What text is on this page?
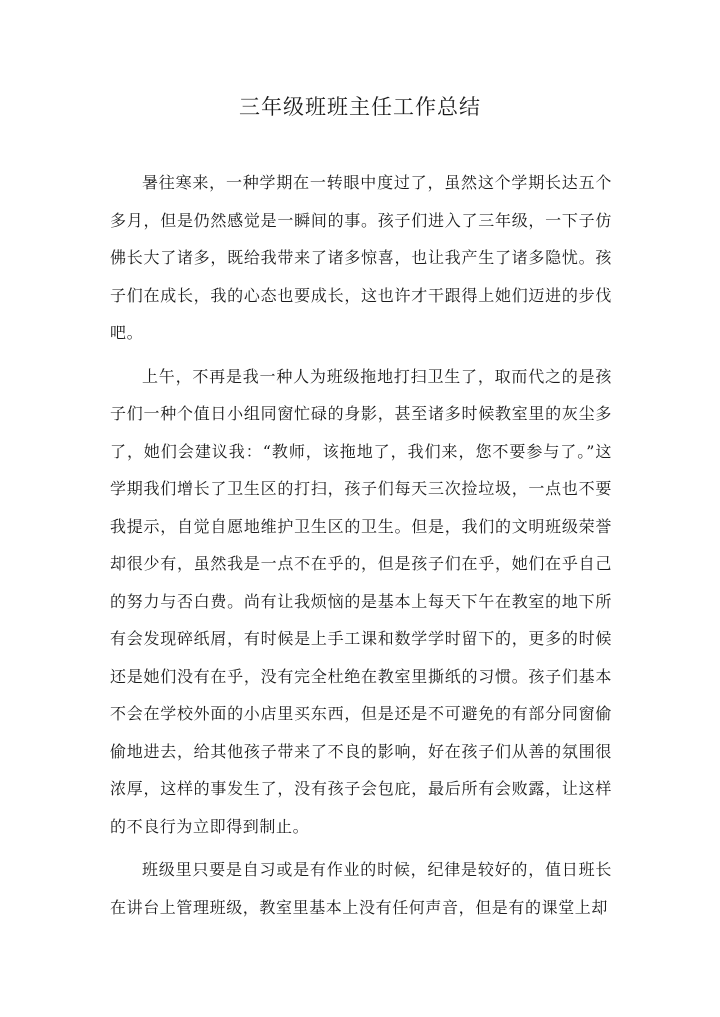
三年级班班主任工作总结

暑往寒来，一种学期在一转眼中度过了，虽然这个学期长达五个多月，但是仍然感觉是一瞬间的事。孩子们进入了三年级，一下子仿佛长大了诸多，既给我带来了诸多惊喜，也让我产生了诸多隐忧。孩子们在成长，我的心态也要成长，这也许才干跟得上她们迈进的步伐吧。

上午，不再是我一种人为班级拖地打扫卫生了，取而代之的是孩子们一种个值日小组同窗忙碌的身影，甚至诸多时候教室里的灰尘多了，她们会建议我：“教师，该拖地了，我们来，您不要参与了。”这学期我们增长了卫生区的打扫，孩子们每天三次捡垃圾，一点也不要我提示，自觉自愿地维护卫生区的卫生。但是，我们的文明班级荣誉却很少有，虽然我是一点不在乎的，但是孩子们在乎，她们在乎自己的努力与否白费。尚有让我烦恼的是基本上每天下午在教室的地下所有会发现碎纸屑，有时候是上手工课和数学学时留下的，更多的时候还是她们没有在乎，没有完全杜绝在教室里撕纸的习惯。孩子们基本不会在学校外面的小店里买东西，但是还是不可避免的有部分同窗偷偷地进去，给其他孩子带来了不良的影响，好在孩子们从善的氛围很浓厚，这样的事发生了，没有孩子会包庇，最后所有会败露，让这样的不良行为立即得到制止。

班级里只要是自习或是有作业的时候，纪律是较好的，值日班长在讲台上管理班级，教室里基本上没有任何声音，但是有的课堂上却
